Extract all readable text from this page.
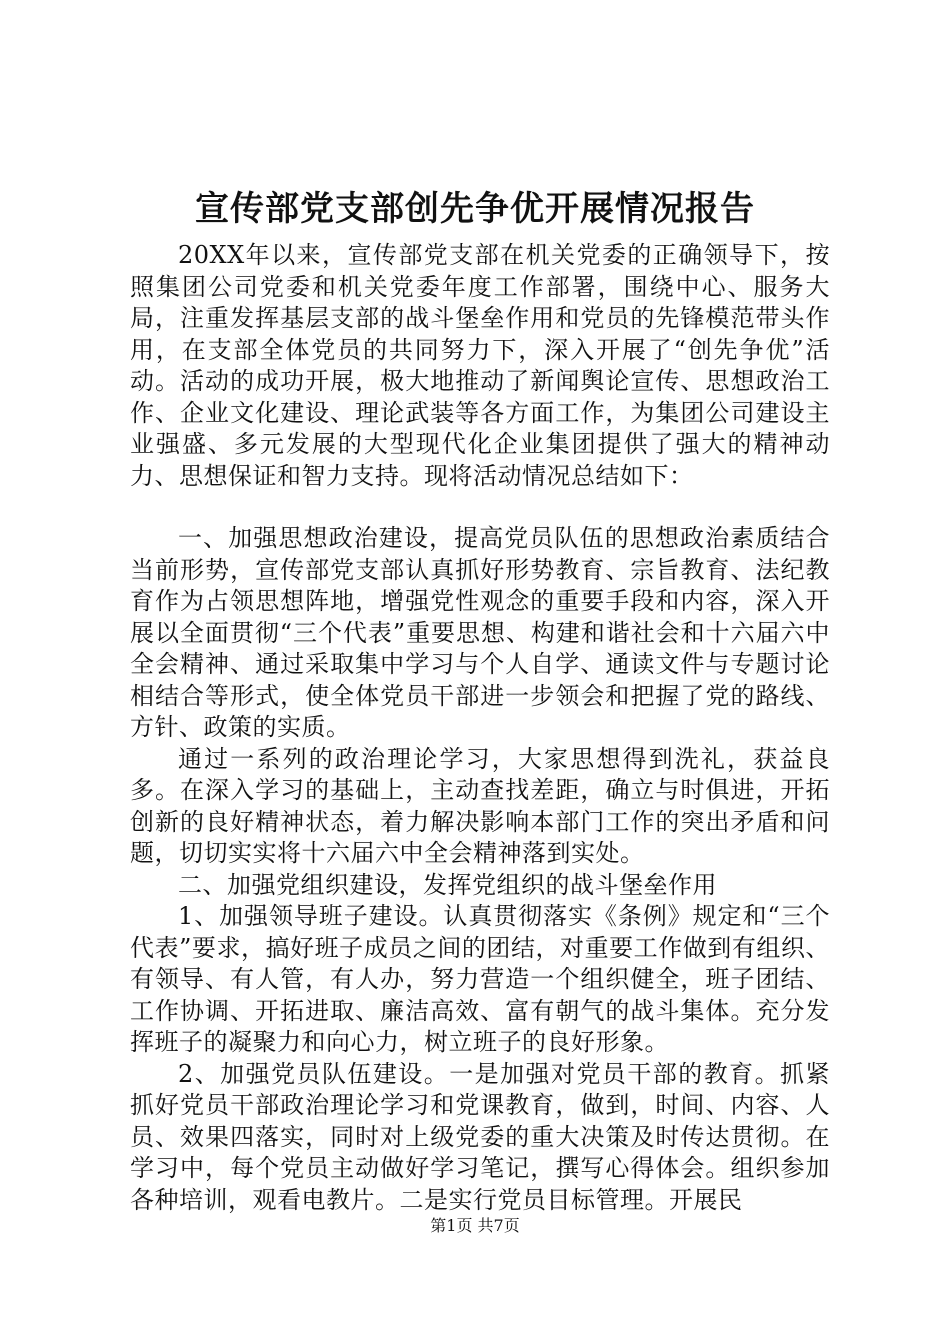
宣传部党支部创先争优开展情况报告

20XX年以来，宣传部党支部在机关党委的正确领导下，按照集团公司党委和机关党委年度工作部署，围绕中心、服务大局，注重发挥基层支部的战斗堡垒作用和党员的先锋模范带头作用，在支部全体党员的共同努力下，深入开展了“创先争优”活动。活动的成功开展，极大地推动了新闻舆论宣传、思想政治工作、企业文化建设、理论武装等各方面工作，为集团公司建设主业强盛、多元发展的大型现代化企业集团提供了强大的精神动力、思想保证和智力支持。现将活动情况总结如下：

一、加强思想政治建设，提高党员队伍的思想政治素质结合当前形势，宣传部党支部认真抓好形势教育、宗旨教育、法纪教育作为占领思想阵地，增强党性观念的重要手段和内容，深入开展以全面贯彻“三个代表”重要思想、构建和谐社会和十六届六中全会精神、通过采取集中学习与个人自学、通读文件与专题讨论相结合等形式，使全体党员干部进一步领会和把握了党的路线、方针、政策的实质。

通过一系列的政治理论学习，大家思想得到洗礼，获益良多。在深入学习的基础上，主动查找差距，确立与时俱进，开拓创新的良好精神状态，着力解决影响本部门工作的突出矛盾和问题，切切实实将十六届六中全会精神落到实处。

二、加强党组织建设，发挥党组织的战斗堡垒作用

1、加强领导班子建设。认真贯彻落实《条例》规定和“三个代表”要求，搞好班子成员之间的团结，对重要工作做到有组织、有领导、有人管，有人办，努力营造一个组织健全，班子团结、工作协调、开拓进取、廉洁高效、富有朝气的战斗集体。充分发挥班子的凝聚力和向心力，树立班子的良好形象。

2、加强党员队伍建设。一是加强对党员干部的教育。抓紧抓好党员干部政治理论学习和党课教育，做到，时间、内容、人员、效果四落实，同时对上级党委的重大决策及时传达贯彻。在学习中，每个党员主动做好学习笔记，撰写心得体会。组织参加各种培训，观看电教片。二是实行党员目标管理。开展民

第1页 共7页
